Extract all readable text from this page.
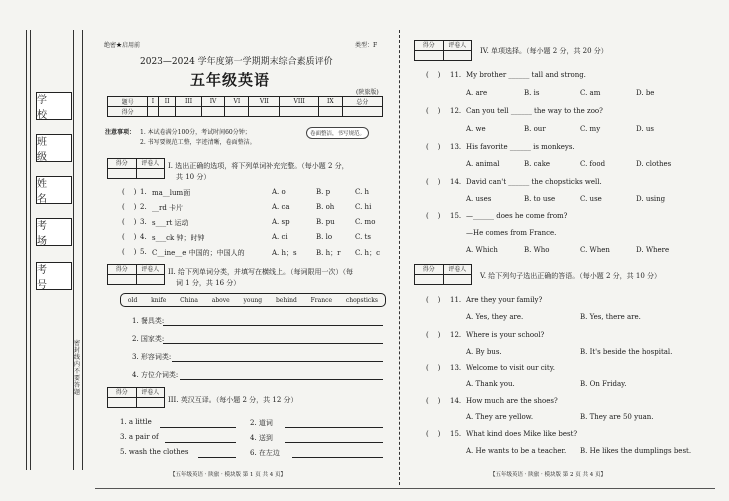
学 校
班 级
姓 名
考 场
考 号
密封线内不要答题
绝密★启用前	类型：F
2023—2024 学年度第一学期期末综合素质评价
五年级英语
(陕旅版)
题号	I	II	III	IV	VI	VII	VIII	IX	总分
得分									
注意事项： 1. 本试卷满分100分，考试时间60分钟；
2. 书写要规范工整，字迹清晰，卷面整洁。
卷面整洁，书写规范。
得分	评卷人	I. 选出正确的选项，将下列单词补充完整。（每小题 2 分，
共 10 分）
(    ) 1. ma__lum面	A. o	B. p	C. h
(    ) 2. __rd 卡片	A. ca	B. oh	C. hi
(    ) 3. s___rt 运动	A. sp	B. pu	C. mo
(    ) 4. s___ck 钟；时钟	A. ci	B. lo	C. ts
(    ) 5. C__ine__e 中国的；中国人的	A. h；s	B. h；r C. h；c
得分	评卷人	II. 给下列单词分类，并填写在横线上。（每词限用一次）（每
词 1 分，共 16 分）
old knife China above young behind France chopsticks
1. 餐具类:
2. 国家类:
3. 形容词类:
4. 方位介词类:
得分	评卷人
III. 英汉互译。（每小题 2 分，共 12 分）
1. a little	2. 道词
3. a pair of	4. 送到
5. wash the clothes	6. 在左边
【五年级英语 · 陕旅 · 模块版 第 1 页 共 4 页】
得分	评卷人
IV. 单项选择。（每小题 2 分，共 20 分）
(    ) 11. My brother ______ tall and strong.
A. are	B. is	C. am	D. be
(    ) 12. Can you tell ______ the way to the zoo?
A. we	B. our	C. my	D. us
(    ) 13. His favorite ______ is monkeys.
A. animal	B. cake	C. food	D. clothes
(    ) 14. David can't ______ the chopsticks well.
A. uses	B. to use	C. use	D. using
(    ) 15. —______ does he come from?
—He comes from France.
A. Which	B. Who	C. When	D. Where
得分	评卷人
V. 给下列句子选出正确的答语。（每小题 2 分，共 10 分）
(    ) 11. Are they your family?
A. Yes, they are.	B. Yes, there are.
(    ) 12. Where is your school?
A. By bus.	B. It's beside the hospital.
(    ) 13. Welcome to visit our city.
A. Thank you.	B. On Friday.
(    ) 14. How much are the shoes?
A. They are yellow.	B. They are 50 yuan.
(    ) 15. What kind does Mike like best?
A. He wants to be a teacher. B. He likes the dumplings best.
【五年级英语 · 陕旅 · 模块版 第 2 页 共 4 页】
